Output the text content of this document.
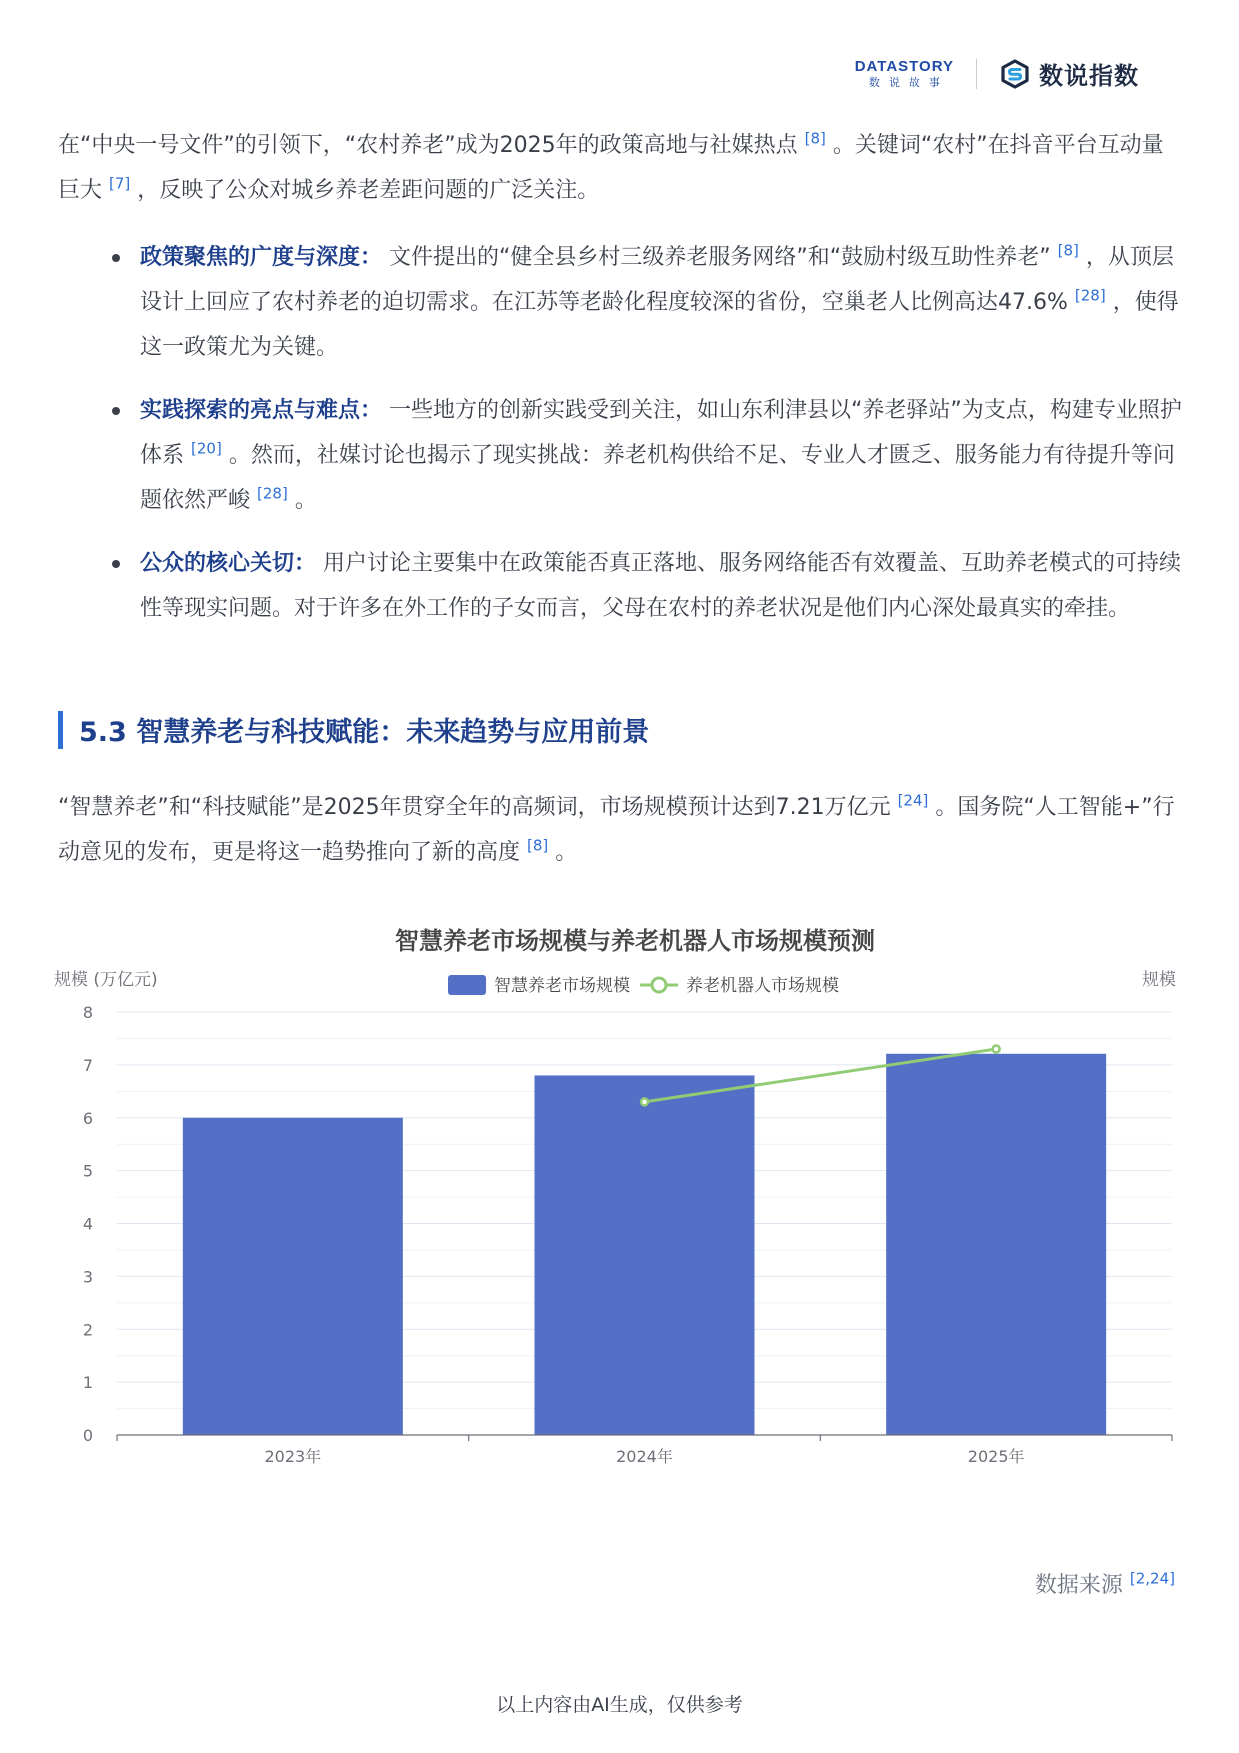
DATASTORY
数说故事	数说指数

在“中央一号文件”的引领下，“农村养老”成为2025年的政策高地与社媒热点 [8] 。关键词“农村”在抖音平台互动量巨大 [7] ，反映了公众对城乡养老差距问题的广泛关注。

政策聚焦的广度与深度： 文件提出的“健全县乡村三级养老服务网络”和“鼓励村级互助性养老” [8] ，从顶层设计上回应了农村养老的迫切需求。在江苏等老龄化程度较深的省份，空巢老人比例高达47.6% [28] ，使得这一政策尤为关键。
实践探索的亮点与难点： 一些地方的创新实践受到关注，如山东利津县以“养老驿站”为支点，构建专业照护体系 [20] 。然而，社媒讨论也揭示了现实挑战：养老机构供给不足、专业人才匮乏、服务能力有待提升等问题依然严峻 [28] 。
公众的核心关切： 用户讨论主要集中在政策能否真正落地、服务网络能否有效覆盖、互助养老模式的可持续性等现实问题。对于许多在外工作的子女而言，父母在农村的养老状况是他们内心深处最真实的牵挂。
5.3 智慧养老与科技赋能：未来趋势与应用前景

“智慧养老”和“科技赋能”是2025年贯穿全年的高频词，市场规模预计达到7.21万亿元 [24] 。国务院“人工智能+”行动意见的发布，更是将这一趋势推向了新的高度 [8] 。

智慧养老市场规模与养老机器人市场规模预测
智慧养老市场规模	养老机器人市场规模
规模 (万亿元)	规模
0
1
2
3
4
5
6
7
8
2023年	2024年	2025年
数据来源 [2,24]
以上内容由AI生成，仅供参考
